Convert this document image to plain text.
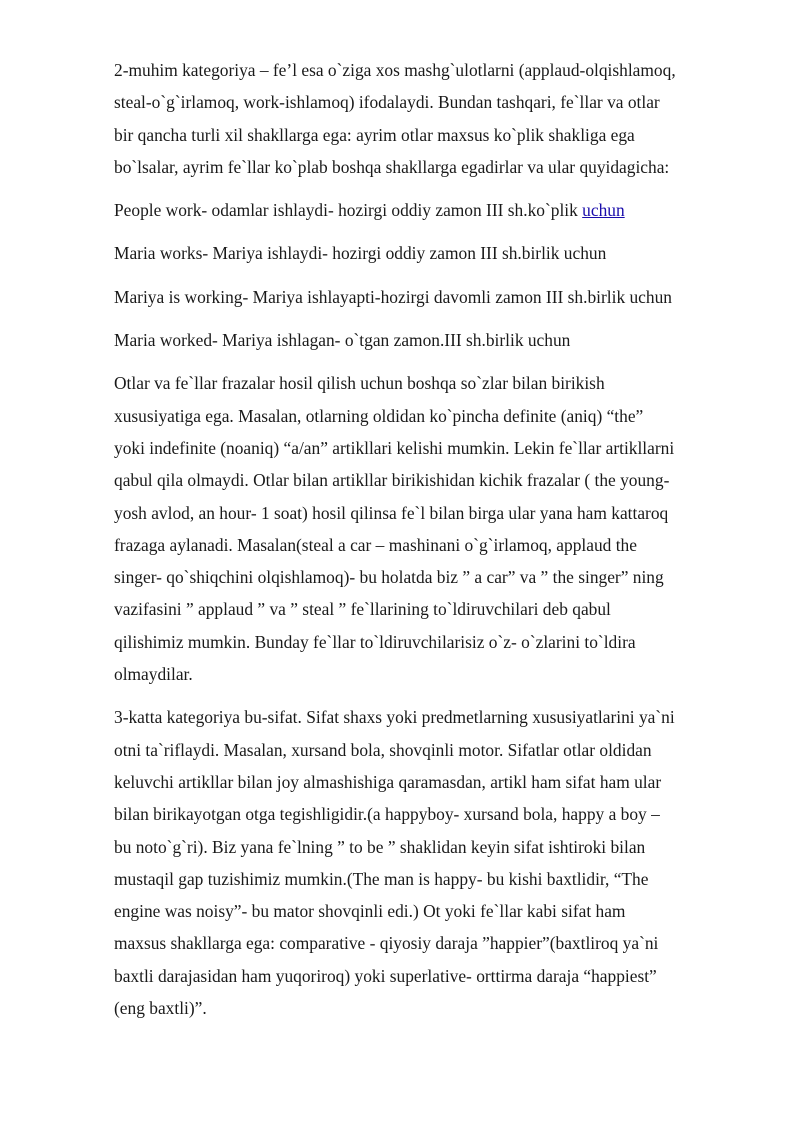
2-muhim kategoriya – fe’l esa o`ziga xos mashg`ulotlarni (applaud-olqishlamoq,
steal-o`g`irlamoq, work-ishlamoq) ifodalaydi. Bundan tashqari, fe`llar va otlar
bir qancha turli xil shakllarga ega: ayrim otlar maxsus ko`plik shakliga ega
bo`lsalar, ayrim fe`llar ko`plab boshqa shakllarga egadirlar va ular quyidagicha:

People work- odamlar ishlaydi- hozirgi oddiy zamon III sh.ko`plik uchun

Maria works- Mariya ishlaydi- hozirgi oddiy zamon III sh.birlik uchun

Mariya is working- Mariya ishlayapti-hozirgi davomli zamon III sh.birlik uchun

Maria worked- Mariya ishlagan- o`tgan zamon.III sh.birlik uchun

Otlar va fe`llar frazalar hosil qilish uchun boshqa so`zlar bilan birikish
xususiyatiga ega. Masalan, otlarning oldidan ko`pincha definite (aniq) “the”
yoki indefinite (noaniq) “a/an” artikllari kelishi mumkin. Lekin fe`llar artikllarni
qabul qila olmaydi. Otlar bilan artikllar birikishidan kichik frazalar ( the young-
yosh avlod, an hour- 1 soat) hosil qilinsa fe`l bilan birga ular yana ham kattaroq
frazaga aylanadi. Masalan(steal a car – mashinani o`g`irlamoq, applaud the
singer- qo`shiqchini olqishlamoq)- bu holatda biz ” a car” va ” the singer” ning
vazifasini ” applaud ” va ” steal ” fe`llarining to`ldiruvchilari deb qabul
qilishimiz mumkin. Bunday fe`llar to`ldiruvchilarisiz o`z- o`zlarini to`ldira
olmaydilar.

3-katta kategoriya bu-sifat. Sifat shaxs yoki predmetlarning xususiyatlarini ya`ni
otni ta`riflaydi. Masalan, xursand bola, shovqinli motor. Sifatlar otlar oldidan
keluvchi artikllar bilan joy almashishiga qaramasdan, artikl ham sifat ham ular
bilan birikayotgan otga tegishligidir.(a happyboy- xursand bola, happy a boy –
bu noto`g`ri). Biz yana fe`lning ” to be ” shaklidan keyin sifat ishtiroki bilan
mustaqil gap tuzishimiz mumkin.(The man is happy- bu kishi baxtlidir, “The
engine was noisy”- bu mator shovqinli edi.) Ot yoki fe`llar kabi sifat ham
maxsus shakllarga ega: comparative - qiyosiy daraja ”happier”(baxtliroq ya`ni
baxtli darajasidan ham yuqoriroq) yoki superlative- orttirma daraja “happiest”
(eng baxtli)”.
